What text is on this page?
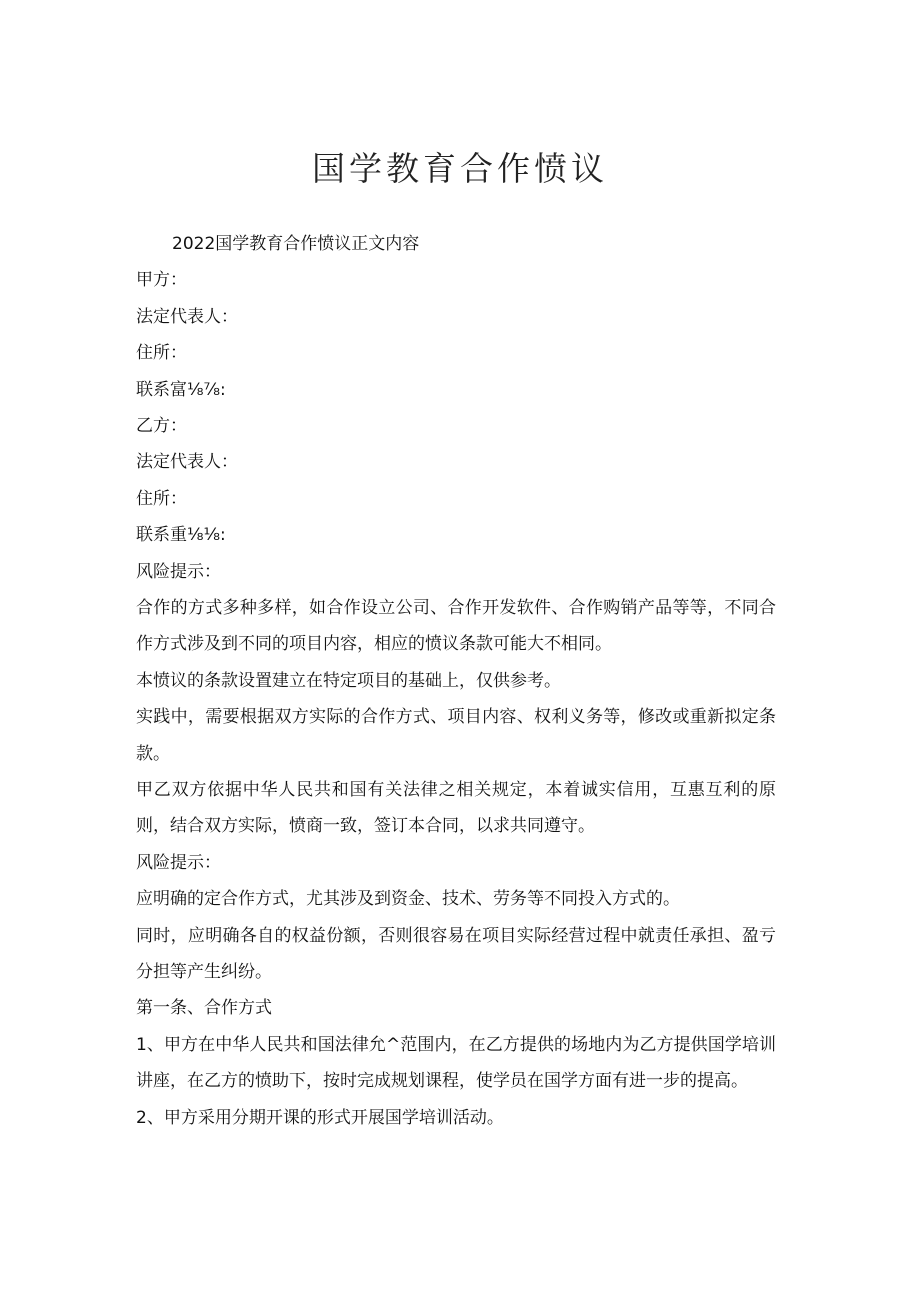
国学教育合作愤议
2022国学教育合作愤议正文内容
甲方：
法定代表人：
住所：
联系富⅛⅞:
乙方：
法定代表人：
住所：
联系重⅛⅛:
风险提示：
合作的方式多种多样，如合作设立公司、合作开发软件、合作购销产品等等，不同合作方式涉及到不同的项目内容，相应的愤议条款可能大不相同。
本愤议的条款设置建立在特定项目的基础上，仅供参考。
实践中，需要根据双方实际的合作方式、项目内容、权利义务等，修改或重新拟定条款。
甲乙双方依据中华人民共和国有关法律之相关规定，本着诚实信用，互惠互利的原则，结合双方实际，愤商一致，签订本合同，以求共同遵守。
风险提示：
应明确的定合作方式，尤其涉及到资金、技术、劳务等不同投入方式的。
同时，应明确各自的权益份额，否则很容易在项目实际经营过程中就责任承担、盈亏分担等产生纠纷。
第一条、合作方式
1、甲方在中华人民共和国法律允^范围内，在乙方提供的场地内为乙方提供国学培训讲座，在乙方的愤助下，按时完成规划课程，使学员在国学方面有进一步的提高。
2、甲方采用分期开课的形式开展国学培训活动。
